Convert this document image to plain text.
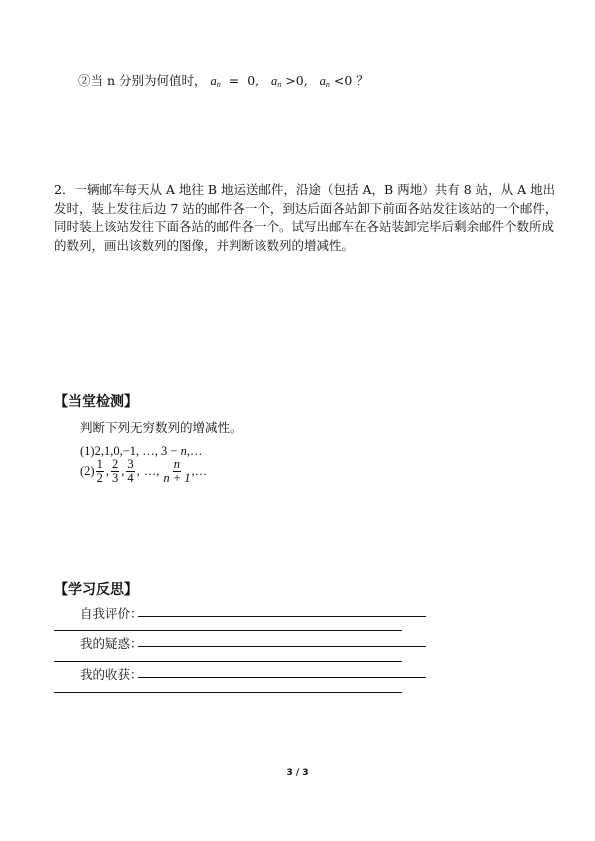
②当 n 分别为何值时， $a_n = 0$, $a_n >0$, $a_n <0$ ？
2．一辆邮车每天从 A 地往 B 地运送邮件，沿途（包括 A，B 两地）共有 8 站，从 A 地出
发时，装上发往后边 7 站的邮件各一个，到达后面各站卸下前面各站发往该站的一个邮件，
同时装上该站发往下面各站的邮件各一个。试写出邮车在各站装卸完毕后剩余邮件个数所成
的数列，画出该数列的图像，并判断该数列的增减性。
【当堂检测】
判断下列无穷数列的增减性。
(1)2,1,0,−1, …, 3 − n,…
$(2) \frac{1}{2}$ , $\frac{2}{3}$ , $\frac{3}{4}$ , …, $\frac{n}{n + 1}$ ,…
【学习反思】
自我评价：
我的疑惑：
我的收获：
3 / 3
